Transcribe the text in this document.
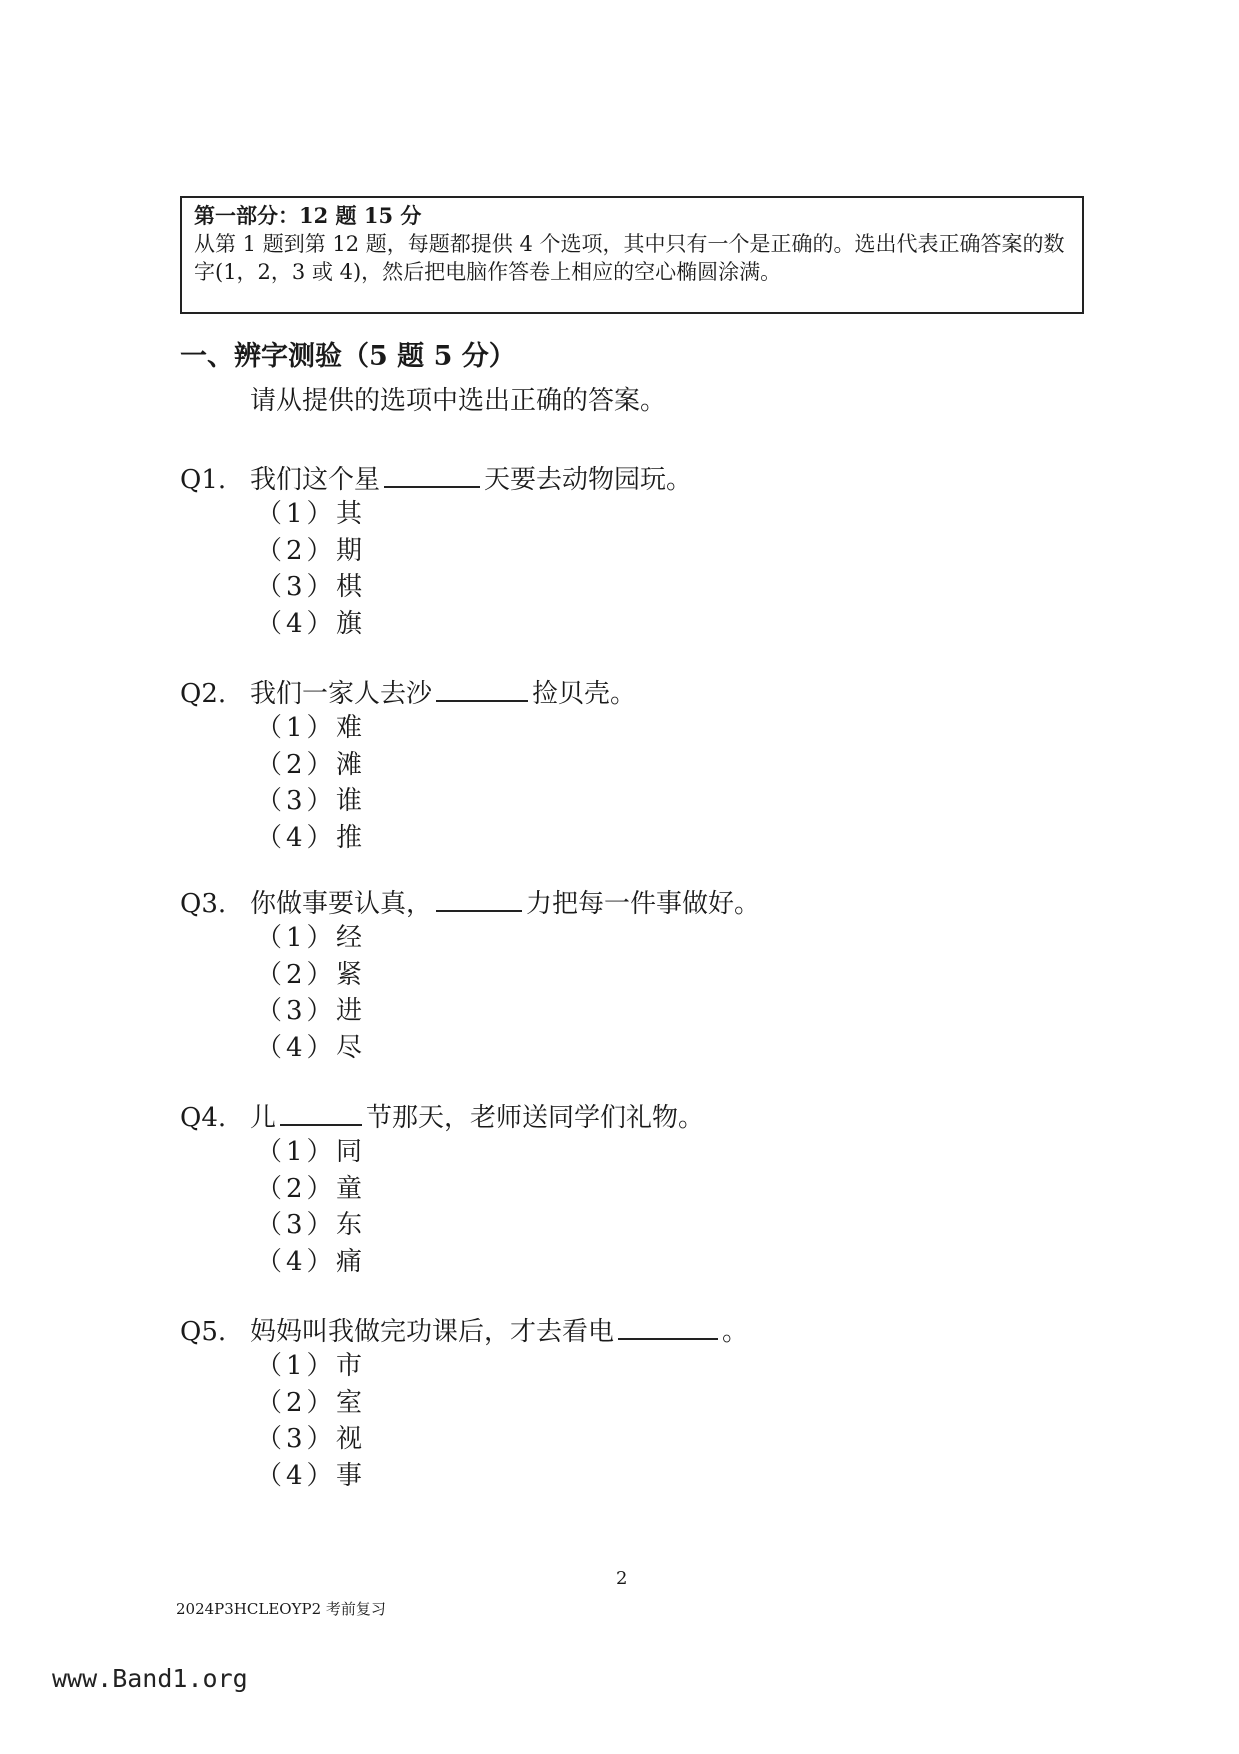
第一部分：12 题 15 分
从第 1 题到第 12 题，每题都提供 4 个选项，其中只有一个是正确的。选出代表正确答案的数字(1，2，3 或 4)，然后把电脑作答卷上相应的空心椭圆涂满。
一、辨字测验（5 题 5 分）
请从提供的选项中选出正确的答案。
Q1. 我们这个星	天要去动物园玩。
（1）其
（2）期
（3）棋
（4）旗
Q2. 我们一家人去沙	捡贝壳。
（1）难
（2）滩
（3）谁
（4）推
Q3. 你做事要认真，	力把每一件事做好。
（1）经
（2）紧
（3）进
（4）尽
Q4. 儿	节那天，老师送同学们礼物。
（1）同
（2）童
（3）东
（4）痛
Q5. 妈妈叫我做完功课后，才去看电	。
（1）市
（2）室
（3）视
（4）事
2
2024P3HCLEOYP2 考前复习
www.Band1.org
